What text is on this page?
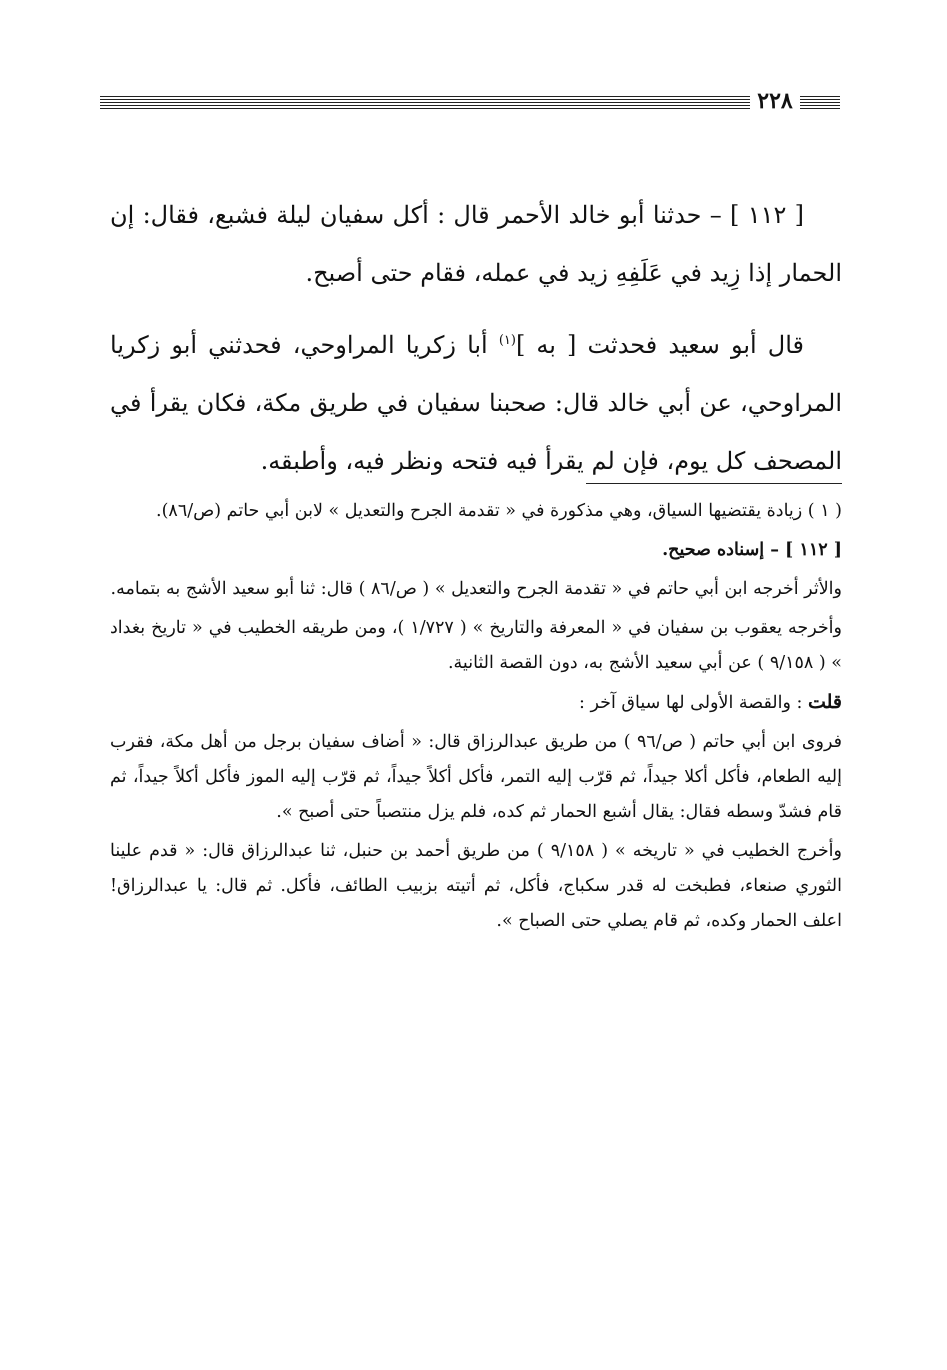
٢٢٨

[ ١١٢ ] – حدثنا أبو خالد الأحمر قال : أكل سفيان ليلة فشبع، فقال: إن الحمار إذا زِيد في عَلَفِهِ زيد في عمله، فقام حتى أصبح.

قال أبو سعيد فحدثت [ به ]$^{(١)}$ أبا زكريا المراوحي، فحدثني أبو زكريا المراوحي، عن أبي خالد قال: صحبنا سفيان في طريق مكة، فكان يقرأ في المصحف كل يوم، فإن لم يقرأ فيه فتحه ونظر فيه، وأطبقه.

( ١ ) زيادة يقتضيها السياق، وهي مذكورة في « تقدمة الجرح والتعديل » لابن أبي حاتم (ص/٨٦).

[ ١١٢ ] – إسناده صحيح.

والأثر أخرجه ابن أبي حاتم في « تقدمة الجرح والتعديل » ( ص/٨٦ ) قال: ثنا أبو سعيد الأشج به بتمامه.

وأخرجه يعقوب بن سفيان في « المعرفة والتاريخ » ( ١/٧٢٧ )، ومن طريقه الخطيب في « تاريخ بغداد » ( ٩/١٥٨ ) عن أبي سعيد الأشج به، دون القصة الثانية.

قلت : والقصة الأولى لها سياق آخر :

فروى ابن أبي حاتم ( ص/٩٦ ) من طريق عبدالرزاق قال: « أضاف سفيان برجل من أهل مكة، فقرب إليه الطعام، فأكل أكلا جيداً، ثم قرّب إليه التمر، فأكل أكلاً جيداً، ثم قرّب إليه الموز فأكل أكلاً جيداً، ثم قام فشدّ وسطه فقال: يقال أشبع الحمار ثم كده، فلم يزل منتصباً حتى أصبح ».

وأخرج الخطيب في « تاريخه » ( ٩/١٥٨ ) من طريق أحمد بن حنبل، ثنا عبدالرزاق قال: « قدم علينا الثوري صنعاء، فطبخت له قدر سكباج، فأكل، ثم أتيته بزبيب الطائف، فأكل. ثم قال: يا عبدالرزاق! اعلف الحمار وكده، ثم قام يصلي حتى الصباح ».
